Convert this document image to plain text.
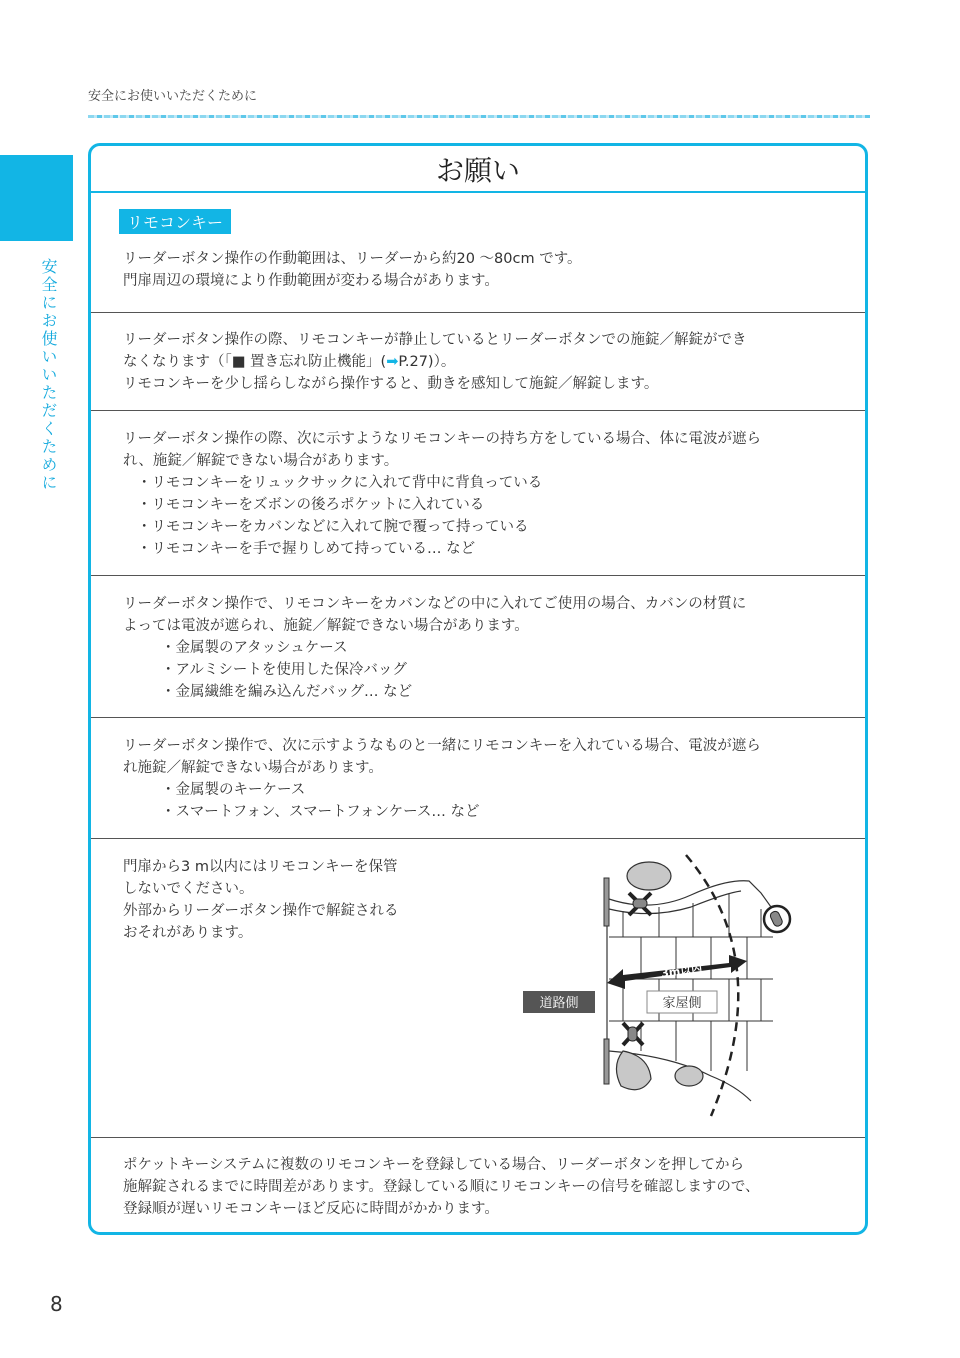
安全にお使いいただくために
安全にお使いいただくために
お願い
リモコンキー
リーダーボタン操作の作動範囲は、リーダーから約20 ～80cm です。
門扉周辺の環境により作動範囲が変わる場合があります。
リーダーボタン操作の際、リモコンキーが静止しているとリーダーボタンでの施錠／解錠ができ
なくなります（「■ 置き忘れ防止機能」(➡P.27)）。
リモコンキーを少し揺らしながら操作すると、動きを感知して施錠／解錠します。
リーダーボタン操作の際、次に示すようなリモコンキーの持ち方をしている場合、体に電波が遮ら
れ、施錠／解錠できない場合があります。
・リモコンキーをリュックサックに入れて背中に背負っている
・リモコンキーをズボンの後ろポケットに入れている
・リモコンキーをカバンなどに入れて腕で覆って持っている
・リモコンキーを手で握りしめて持っている… など
リーダーボタン操作で、リモコンキーをカバンなどの中に入れてご使用の場合、カバンの材質に
よっては電波が遮られ、施錠／解錠できない場合があります。
・金属製のアタッシュケース
・アルミシートを使用した保冷バッグ
・金属繊維を編み込んだバッグ… など
リーダーボタン操作で、次に示すようなものと一緒にリモコンキーを入れている場合、電波が遮ら
れ施錠／解錠できない場合があります。
・金属製のキーケース
・スマートフォン、スマートフォンケース… など
門扉から3 m以内にはリモコンキーを保管
しないでください。
外部からリーダーボタン操作で解錠される
おそれがあります。
3m以内
家屋側
道路側
ポケットキーシステムに複数のリモコンキーを登録している場合、リーダーボタンを押してから
施解錠されるまでに時間差があります。登録している順にリモコンキーの信号を確認しますので、
登録順が遅いリモコンキーほど反応に時間がかかります。
8
